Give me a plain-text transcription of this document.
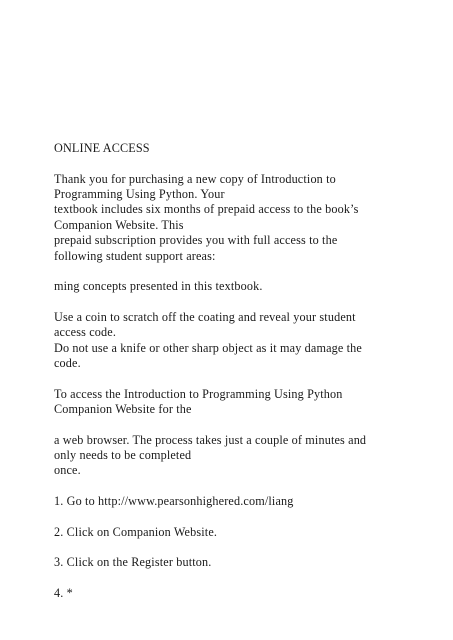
ONLINE ACCESS

Thank you for purchasing a new copy of Introduction to
Programming Using Python. Your
textbook includes six months of prepaid access to the book’s
Companion Website. This
prepaid subscription provides you with full access to the
following student support areas:

ming concepts presented in this textbook.

Use a coin to scratch off the coating and reveal your student
access code.
Do not use a knife or other sharp object as it may damage the
code.

To access the Introduction to Programming Using Python
Companion Website for the

a web browser. The process takes just a couple of minutes and
only needs to be completed
once.

1. Go to http://www.pearsonhighered.com/liang

2. Click on Companion Website.

3. Click on the Register button.

4. *
